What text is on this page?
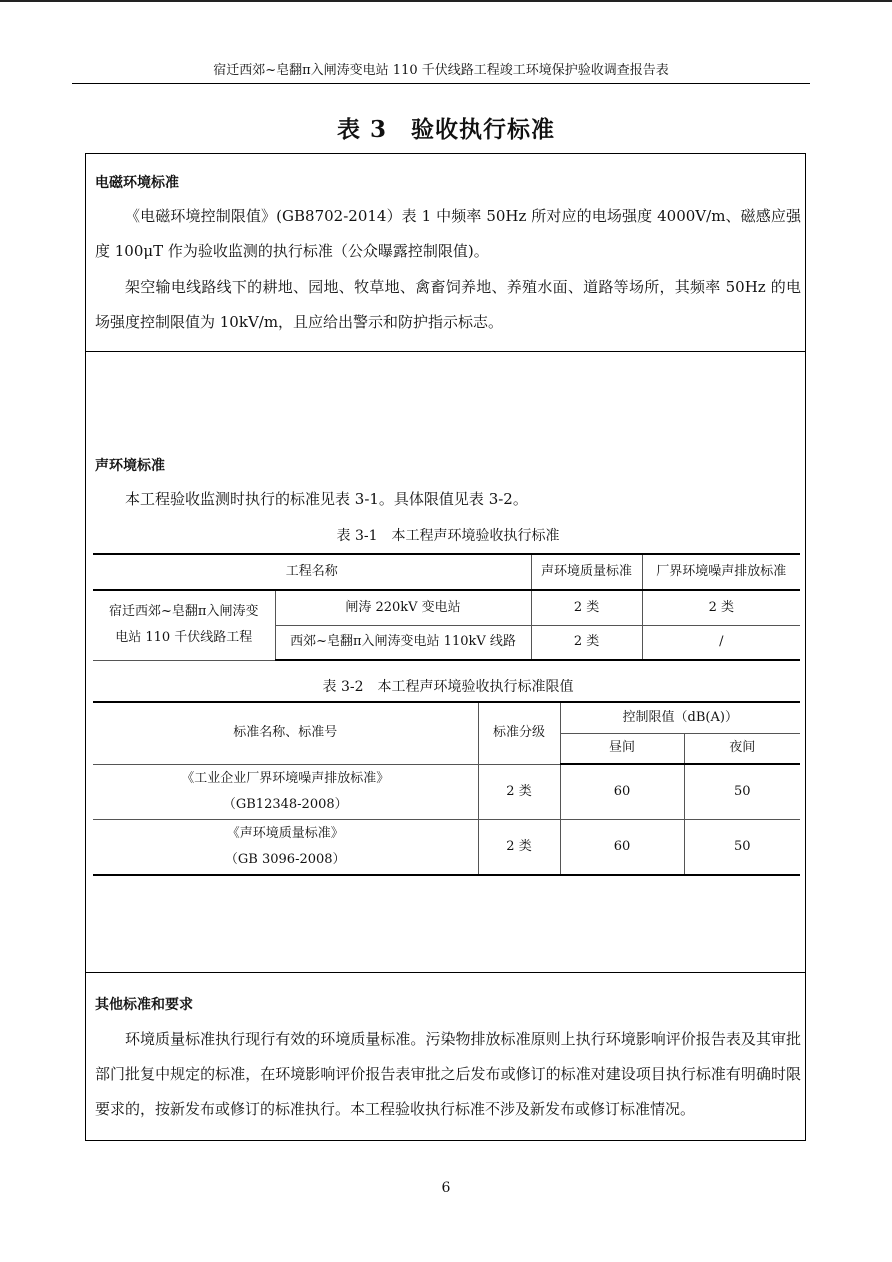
宿迁西郊~皂翻π入闸涛变电站 110 千伏线路工程竣工环境保护验收调查报告表
表 3　验收执行标准
电磁环境标准
《电磁环境控制限值》(GB8702-2014）表 1 中频率 50Hz 所对应的电场强度 4000V/m、磁感应强度 100μT 作为验收监测的执行标准（公众曝露控制限值)。
架空输电线路线下的耕地、园地、牧草地、禽畜饲养地、养殖水面、道路等场所，其频率 50Hz 的电场强度控制限值为 10kV/m，且应给出警示和防护指示标志。
声环境标准
本工程验收监测时执行的标准见表 3-1。具体限值见表 3-2。
表 3-1　本工程声环境验收执行标准
工程名称		声环境质量标准	厂界环境噪声排放标准
宿迁西郊~皂翻π入闸涛变电站 110 千伏线路工程	闸涛 220kV 变电站	2 类	2 类
	西郊~皂翻π入闸涛变电站 110kV 线路	2 类	/
表 3-2　本工程声环境验收执行标准限值
标准名称、标准号	标准分级	控制限值（dB(A)）	
		昼间	夜间

《工业企业厂界环境噪声排放标准》
（GB12348-2008）	2 类	60	50

《声环境质量标准》
（GB 3096-2008）	2 类	60	50
其他标准和要求
环境质量标准执行现行有效的环境质量标准。污染物排放标准原则上执行环境影响评价报告表及其审批部门批复中规定的标准，在环境影响评价报告表审批之后发布或修订的标准对建设项目执行标准有明确时限要求的，按新发布或修订的标准执行。本工程验收执行标准不涉及新发布或修订标准情况。
6
